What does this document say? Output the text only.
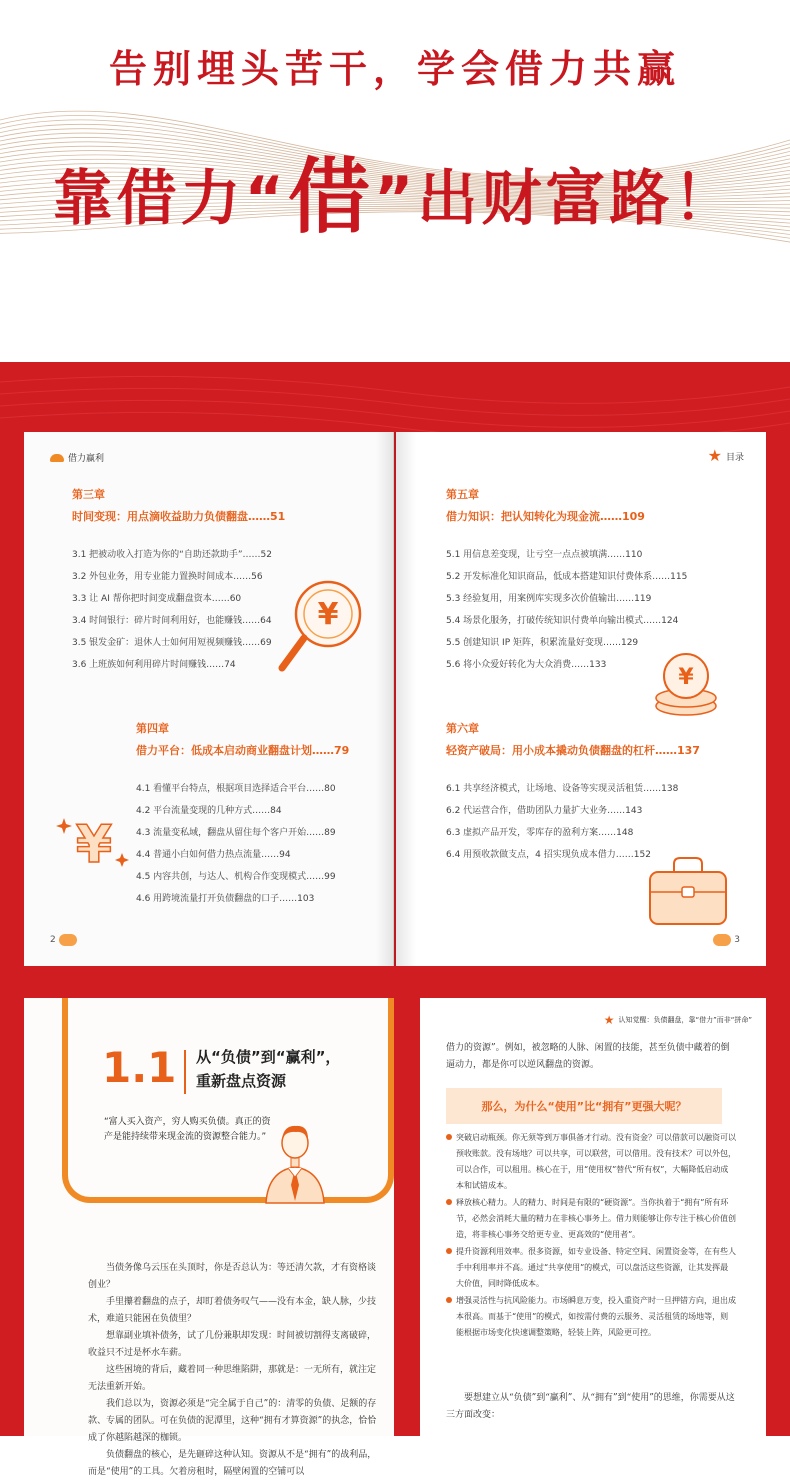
告别埋头苦干，学会借力共赢
靠借力“借”出财富路！
借力赢利
第三章
时间变现：用点滴收益助力负债翻盘……51
3.1 把被动收入打造为你的“自助还款助手”……52
3.2 外包业务，用专业能力置换时间成本……56
3.3 让 AI 帮你把时间变成翻盘资本……60
3.4 时间银行：碎片时间利用好，也能赚钱……64
3.5 银发金矿：退休人士如何用短视频赚钱……69
3.6 上班族如何利用碎片时间赚钱……74
¥
第四章
借力平台：低成本启动商业翻盘计划……79
4.1 看懂平台特点，根据项目选择适合平台……80
4.2 平台流量变现的几种方式……84
4.3 流量变私域，翻盘从留住每个客户开始……89
4.4 普通小白如何借力热点流量……94
4.5 内容共创，与达人、机构合作变现模式……99
4.6 用跨境流量打开负债翻盘的口子……103
¥
2
★ 目录
第五章
借力知识：把认知转化为现金流……109
5.1 用信息差变现，让亏空一点点被填满……110
5.2 开发标准化知识商品，低成本搭建知识付费体系……115
5.3 经验复用，用案例库实现多次价值输出……119
5.4 场景化服务，打破传统知识付费单向输出模式……124
5.5 创建知识 IP 矩阵，积累流量好变现……129
5.6 将小众爱好转化为大众消费……133	¥
第六章
轻资产破局：用小成本撬动负债翻盘的杠杆……137
6.1 共享经济模式，让场地、设备等实现灵活租赁……138
6.2 代运营合作，借助团队力量扩大业务……143
6.3 虚拟产品开发，零库存的盈利方案……148
6.4 用预收款做支点，4 招实现负成本借力……152
3
1.1 从“负债”到“赢利”，
重新盘点资源
“富人买入资产，穷人购买负债。真正的资产是能持续带来现金流的资源整合能力。”

当债务像乌云压在头顶时，你是否总认为：等还清欠款，才有资格谈创业？

手里攥着翻盘的点子，却盯着债务叹气——没有本金，缺人脉，少技术，难道只能困在负债里？

想靠副业填补债务，试了几份兼职却发现：时间被切割得支离破碎，收益只不过是杯水车薪。

这些困境的背后，藏着同一种思维陷阱，那就是：一无所有，就注定无法重新开始。

我们总以为，资源必须是“完全属于自己”的：清零的负债、足额的存款、专属的团队。可在负债的泥潭里，这种“拥有才算资源”的执念，恰恰成了你越陷越深的枷锁。

负债翻盘的核心，是先砸碎这种认知。资源从不是“拥有”的战利品，而是“使用”的工具。欠着房租时，隔壁闲置的空铺可以

★ 认知觉醒：负债翻盘，靠“借力”而非“拼命”

借力的资源”。例如，被忽略的人脉、闲置的技能，甚至负债中藏着的倒逼动力，都是你可以逆风翻盘的资源。

那么，为什么“使用”比“拥有”更强大呢？

突破启动瓶颈。你无须等到万事俱备才行动。没有资金？可以借款可以融资可以预收账款。没有场地？可以共享，可以联营，可以借用。没有技术？可以外包，可以合作，可以租用。核心在于，用“使用权”替代“所有权”，大幅降低启动成本和试错成本。

释放核心精力。人的精力、时间是有限的“硬资源”。当你执着于“拥有”所有环节，必然会消耗大量的精力在非核心事务上。借力则能够让你专注于核心价值创造，将非核心事务交给更专业、更高效的“使用者”。

提升资源利用效率。很多资源，如专业设备、特定空间、闲置资金等，在有些人手中利用率并不高。通过“共享使用”的模式，可以盘活这些资源，让其发挥最大价值，同时降低成本。

增强灵活性与抗风险能力。市场瞬息万变，投入重资产时一旦押错方向，退出成本很高。而基于“使用”的模式，如按需付费的云服务、灵活租赁的场地等，则能根据市场变化快速调整策略，轻装上阵，风险更可控。

要想建立从“负债”到“赢利”、从“拥有”到“使用”的思维，你需要从这三方面改变：
